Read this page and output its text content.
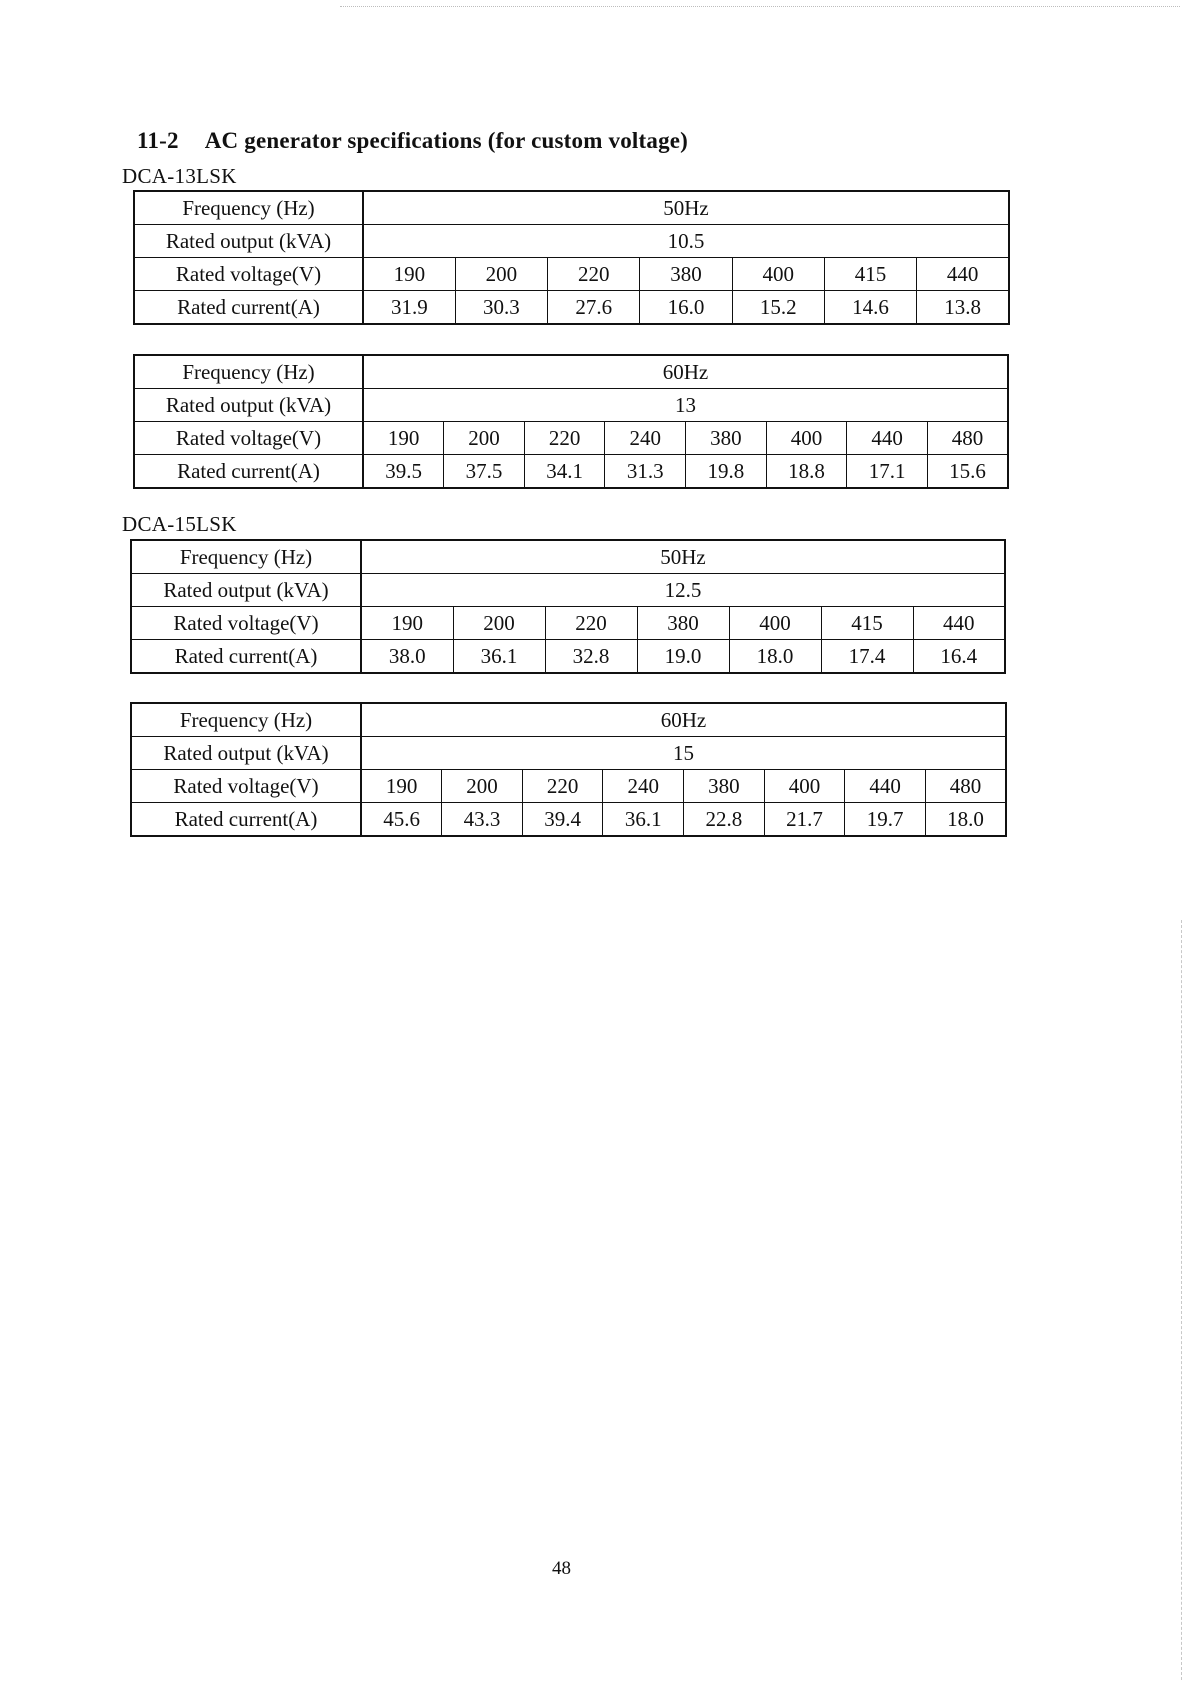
11-2 AC generator specifications (for custom voltage)
DCA-13LSK
Frequency (Hz)	50Hz						
Rated output (kVA)	10.5						
Rated voltage(V)	190	200	220	380	400	415	440
Rated current(A)	31.9	30.3	27.6	16.0	15.2	14.6	13.8
Frequency (Hz)	60Hz							
Rated output (kVA)	13							
Rated voltage(V)	190	200	220	240	380	400	440	480
Rated current(A)	39.5	37.5	34.1	31.3	19.8	18.8	17.1	15.6
DCA-15LSK
Frequency (Hz)	50Hz						
Rated output (kVA)	12.5						
Rated voltage(V)	190	200	220	380	400	415	440
Rated current(A)	38.0	36.1	32.8	19.0	18.0	17.4	16.4
Frequency (Hz)	60Hz							
Rated output (kVA)	15							
Rated voltage(V)	190	200	220	240	380	400	440	480
Rated current(A)	45.6	43.3	39.4	36.1	22.8	21.7	19.7	18.0
48
